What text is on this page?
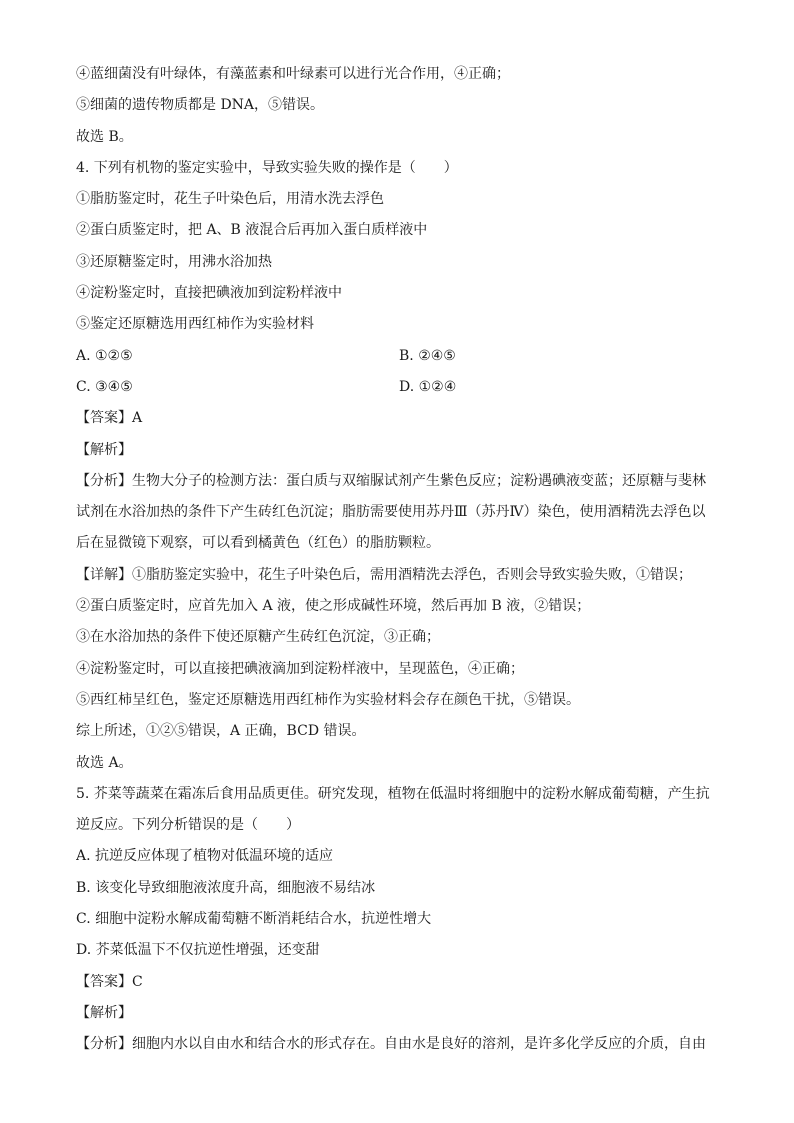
④蓝细菌没有叶绿体，有藻蓝素和叶绿素可以进行光合作用，④正确；
⑤细菌的遗传物质都是 DNA，⑤错误。
故选 B。
4. 下列有机物的鉴定实验中，导致实验失败的操作是（　　）
①脂肪鉴定时，花生子叶染色后，用清水洗去浮色
②蛋白质鉴定时，把 A、B 液混合后再加入蛋白质样液中
③还原糖鉴定时，用沸水浴加热
④淀粉鉴定时，直接把碘液加到淀粉样液中
⑤鉴定还原糖选用西红柿作为实验材料
A. ①②⑤	B. ②④⑤
C. ③④⑤	D. ①②④
【答案】A
【解析】
【分析】生物大分子的检测方法：蛋白质与双缩脲试剂产生紫色反应；淀粉遇碘液变蓝；还原糖与斐林
试剂在水浴加热的条件下产生砖红色沉淀；脂肪需要使用苏丹Ⅲ（苏丹Ⅳ）染色，使用酒精洗去浮色以
后在显微镜下观察，可以看到橘黄色（红色）的脂肪颗粒。
【详解】①脂肪鉴定实验中，花生子叶染色后，需用酒精洗去浮色，否则会导致实验失败，①错误；
②蛋白质鉴定时，应首先加入 A 液，使之形成碱性环境，然后再加 B 液，②错误；
③在水浴加热的条件下使还原糖产生砖红色沉淀，③正确；
④淀粉鉴定时，可以直接把碘液滴加到淀粉样液中，呈现蓝色，④正确；
⑤西红柿呈红色，鉴定还原糖选用西红柿作为实验材料会存在颜色干扰，⑤错误。
综上所述，①②⑤错误，A 正确，BCD 错误。
故选 A。
5. 芥菜等蔬菜在霜冻后食用品质更佳。研究发现，植物在低温时将细胞中的淀粉水解成葡萄糖，产生抗
逆反应。下列分析错误的是（　　）
A. 抗逆反应体现了植物对低温环境的适应
B. 该变化导致细胞液浓度升高，细胞液不易结冰
C. 细胞中淀粉水解成葡萄糖不断消耗结合水，抗逆性增大
D. 芥菜低温下不仅抗逆性增强，还变甜
【答案】C
【解析】
【分析】细胞内水以自由水和结合水的形式存在。自由水是良好的溶剂，是许多化学反应的介质，自由
